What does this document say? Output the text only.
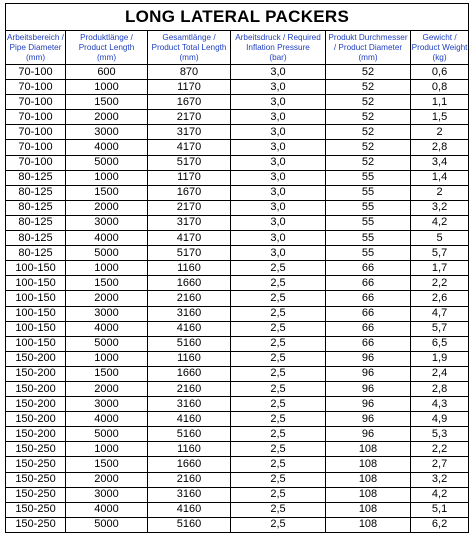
LONG LATERAL PACKERS					

Arbeitsbereich /
Pipe Diameter
(mm)	Produktlänge /
Product Length
(mm)	Gesamtlänge /
Product Total Length
(mm)	Arbeitsdruck / Required
Inflation Pressure
(bar)	Produkt Durchmesser
/ Product Diameter
(mm)	Gewicht /
Product Weight
(kg)

70-100	600	870	3,0	52	0,6
70-100	1000	1170	3,0	52	0,8
70-100	1500	1670	3,0	52	1,1
70-100	2000	2170	3,0	52	1,5
70-100	3000	3170	3,0	52	2
70-100	4000	4170	3,0	52	2,8
70-100	5000	5170	3,0	52	3,4
80-125	1000	1170	3,0	55	1,4
80-125	1500	1670	3,0	55	2
80-125	2000	2170	3,0	55	3,2
80-125	3000	3170	3,0	55	4,2
80-125	4000	4170	3,0	55	5
80-125	5000	5170	3,0	55	5,7
100-150	1000	1160	2,5	66	1,7
100-150	1500	1660	2,5	66	2,2
100-150	2000	2160	2,5	66	2,6
100-150	3000	3160	2,5	66	4,7
100-150	4000	4160	2,5	66	5,7
100-150	5000	5160	2,5	66	6,5
150-200	1000	1160	2,5	96	1,9
150-200	1500	1660	2,5	96	2,4
150-200	2000	2160	2,5	96	2,8
150-200	3000	3160	2,5	96	4,3
150-200	4000	4160	2,5	96	4,9
150-200	5000	5160	2,5	96	5,3
150-250	1000	1160	2,5	108	2,2
150-250	1500	1660	2,5	108	2,7
150-250	2000	2160	2,5	108	3,2
150-250	3000	3160	2,5	108	4,2
150-250	4000	4160	2,5	108	5,1
150-250	5000	5160	2,5	108	6,2
